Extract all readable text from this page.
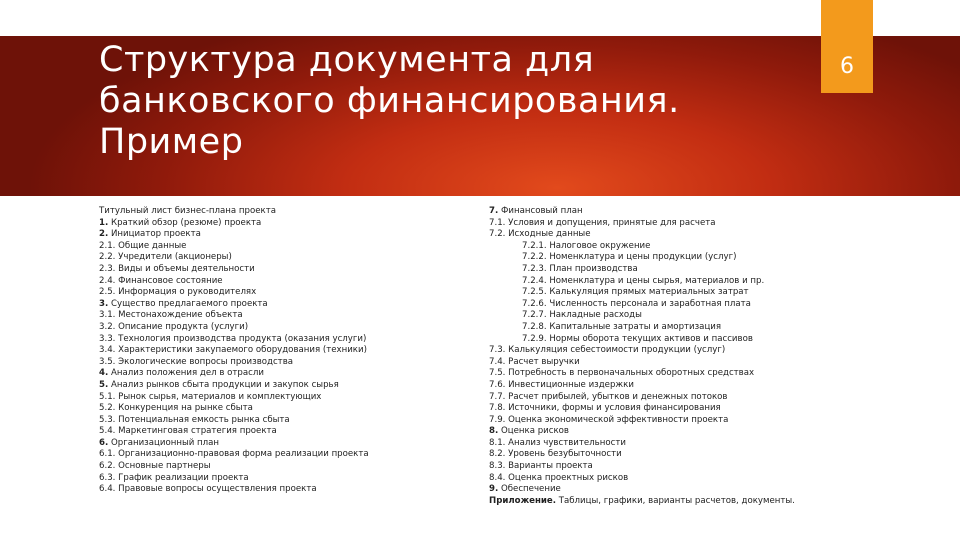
Структура документа для банковского финансирования. Пример
6
Титульный лист бизнес-плана проекта
1. Краткий обзор (резюме) проекта
2. Инициатор проекта
2.1. Общие данные
2.2. Учредители (акционеры)
2.3. Виды и объемы деятельности
2.4. Финансовое состояние
2.5. Информация о руководителях
3. Существо предлагаемого проекта
3.1. Местонахождение объекта
3.2. Описание продукта (услуги)
3.3. Технология производства продукта (оказания услуги)
3.4. Характеристики закупаемого оборудования (техники)
3.5. Экологические вопросы производства
4. Анализ положения дел в отрасли
5. Анализ рынков сбыта продукции и закупок сырья
5.1. Рынок сырья, материалов и комплектующих
5.2. Конкуренция на рынке сбыта
5.3. Потенциальная емкость рынка сбыта
5.4. Маркетинговая стратегия проекта
6. Организационный план
6.1. Организационно-правовая форма реализации проекта
6.2. Основные партнеры
6.3. График реализации проекта
6.4. Правовые вопросы осуществления проекта
7. Финансовый план
7.1. Условия и допущения, принятые для расчета
7.2. Исходные данные
7.2.1. Налоговое окружение
7.2.2. Номенклатура и цены продукции (услуг)
7.2.3. План производства
7.2.4. Номенклатура и цены сырья, материалов и пр.
7.2.5. Калькуляция прямых материальных затрат
7.2.6. Численность персонала и заработная плата
7.2.7. Накладные расходы
7.2.8. Капитальные затраты и амортизация
7.2.9. Нормы оборота текущих активов и пассивов
7.3. Калькуляция себестоимости продукции (услуг)
7.4. Расчет выручки
7.5. Потребность в первоначальных оборотных средствах
7.6. Инвестиционные издержки
7.7. Расчет прибылей, убытков и денежных потоков
7.8. Источники, формы и условия финансирования
7.9. Оценка экономической эффективности проекта
8. Оценка рисков
8.1. Анализ чувствительности
8.2. Уровень безубыточности
8.3. Варианты проекта
8.4. Оценка проектных рисков
9. Обеспечение
Приложение. Таблицы, графики, варианты расчетов, документы.
